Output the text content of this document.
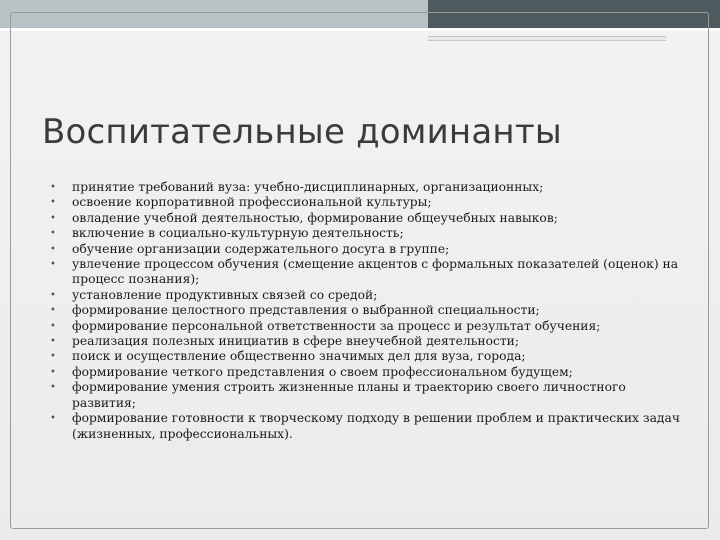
Воспитательные доминанты
• принятие требований вуза: учебно-дисциплинарных, организационных;
• освоение корпоративной профессиональной культуры;
• овладение учебной деятельностью, формирование общеучебных навыков;
• включение в социально-культурную деятельность;
• обучение организации содержательного досуга в группе;
• увлечение процессом обучения (смещение акцентов с формальных показателей (оценок) на процесс познания);
• установление продуктивных связей со средой;
• формирование целостного представления о выбранной специальности;
• формирование персональной ответственности за процесс и результат обучения;
• реализация полезных инициатив в сфере внеучебной деятельности;
• поиск и осуществление общественно значимых дел для вуза, города;
• формирование четкого представления о своем профессиональном будущем;
• формирование умения строить жизненные планы и траекторию своего личностного развития;
• формирование готовности к творческому подходу в решении проблем и практических задач (жизненных, профессиональных).
